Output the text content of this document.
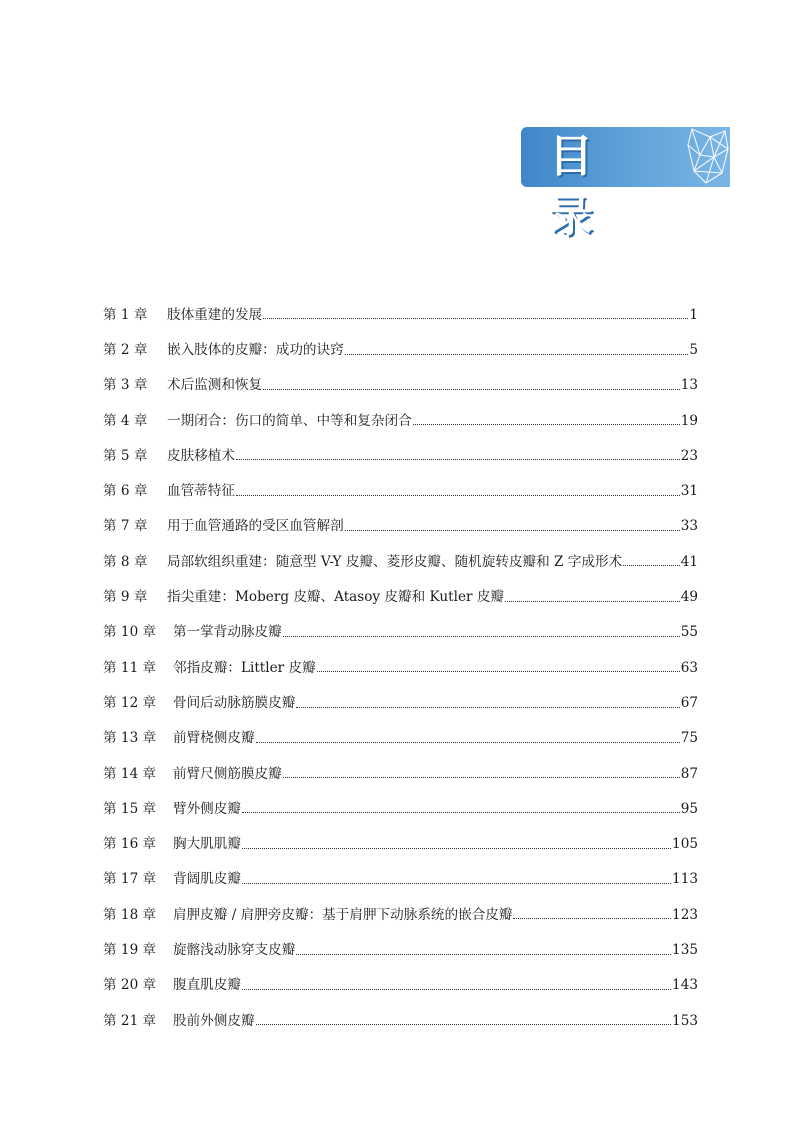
目 录
第 1 章	肢体重建的发展	1
第 2 章	嵌入肢体的皮瓣：成功的诀窍	5
第 3 章	术后监测和恢复	13
第 4 章	一期闭合：伤口的简单、中等和复杂闭合	19
第 5 章	皮肤移植术	23
第 6 章	血管蒂特征	31
第 7 章	用于血管通路的受区血管解剖	33
第 8 章	局部软组织重建：随意型 V-Y 皮瓣、菱形皮瓣、随机旋转皮瓣和 Z 字成形术	41
第 9 章	指尖重建：Moberg 皮瓣、Atasoy 皮瓣和 Kutler 皮瓣	49
第 10 章	第一掌背动脉皮瓣	55
第 11 章	邻指皮瓣：Littler 皮瓣	63
第 12 章	骨间后动脉筋膜皮瓣	67
第 13 章	前臂桡侧皮瓣	75
第 14 章	前臂尺侧筋膜皮瓣	87
第 15 章	臂外侧皮瓣	95
第 16 章	胸大肌肌瓣	105
第 17 章	背阔肌皮瓣	113
第 18 章	肩胛皮瓣 / 肩胛旁皮瓣：基于肩胛下动脉系统的嵌合皮瓣	123
第 19 章	旋髂浅动脉穿支皮瓣	135
第 20 章	腹直肌皮瓣	143
第 21 章	股前外侧皮瓣	153
